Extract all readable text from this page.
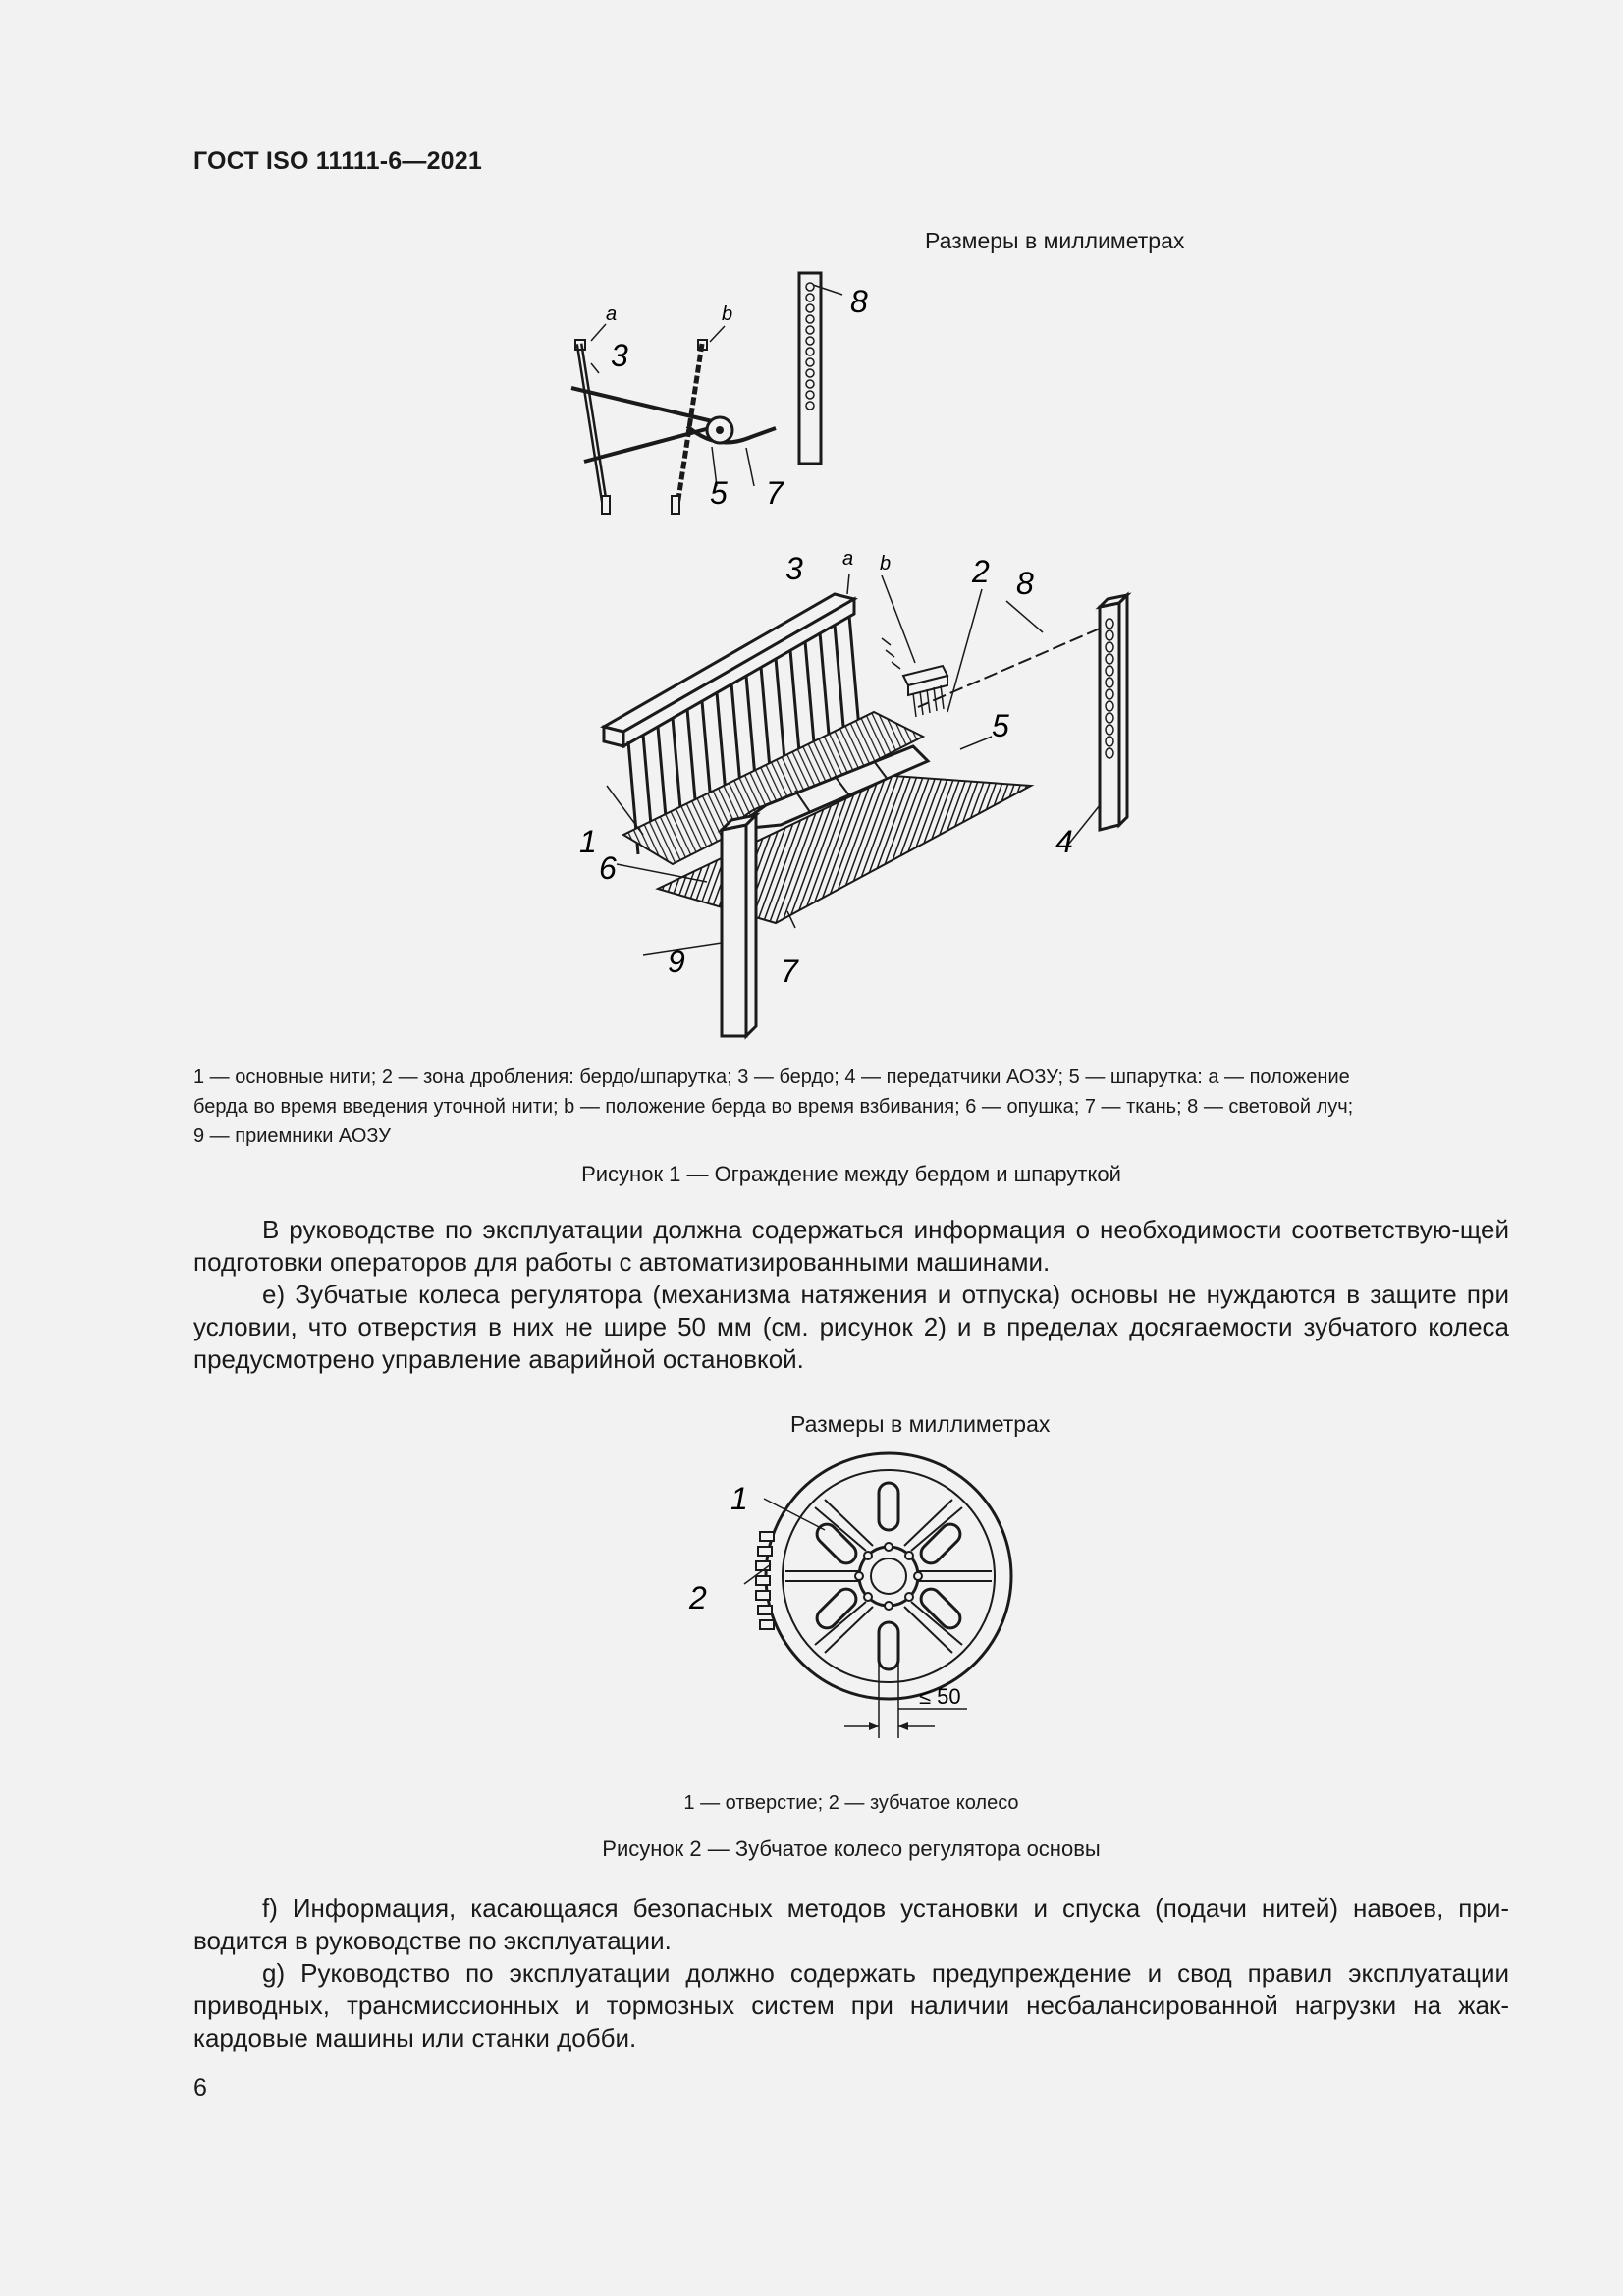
ГОСТ ISO 11111-6—2021
Размеры в миллиметрах
a	b
3
5 7
8
3 a b	2 8
5
1
6
4
9	7
1 — основные нити; 2 — зона дробления: бердо/шпарутка; 3 — бердо; 4 — передатчики АОЗУ; 5 — шпарутка: a — положение
берда во время введения уточной нити; b — положение берда во время взбивания; 6 — опушка; 7 — ткань; 8 — световой луч;
9 — приемники АОЗУ
Рисунок 1 — Ограждение между бердом и шпаруткой

В руководстве по эксплуатации должна содержаться информация о необходимости соответствую-щей подготовки операторов для работы с автоматизированными машинами.

e) Зубчатые колеса регулятора (механизма натяжения и отпуска) основы не нуждаются в защите при условии, что отверстия в них не шире 50 мм (см. рисунок 2) и в пределах досягаемости зубчатого колеса предусмотрено управление аварийной остановкой.

Размеры в миллиметрах
1
2
≤ 50
1 — отверстие; 2 — зубчатое колесо
Рисунок 2 — Зубчатое колесо регулятора основы

f) Информация, касающаяся безопасных методов установки и спуска (подачи нитей) навоев, при-водится в руководстве по эксплуатации.

g) Руководство по эксплуатации должно содержать предупреждение и свод правил эксплуатации приводных, трансмиссионных и тормозных систем при наличии несбалансированной нагрузки на жак-кардовые машины или станки добби.

6
